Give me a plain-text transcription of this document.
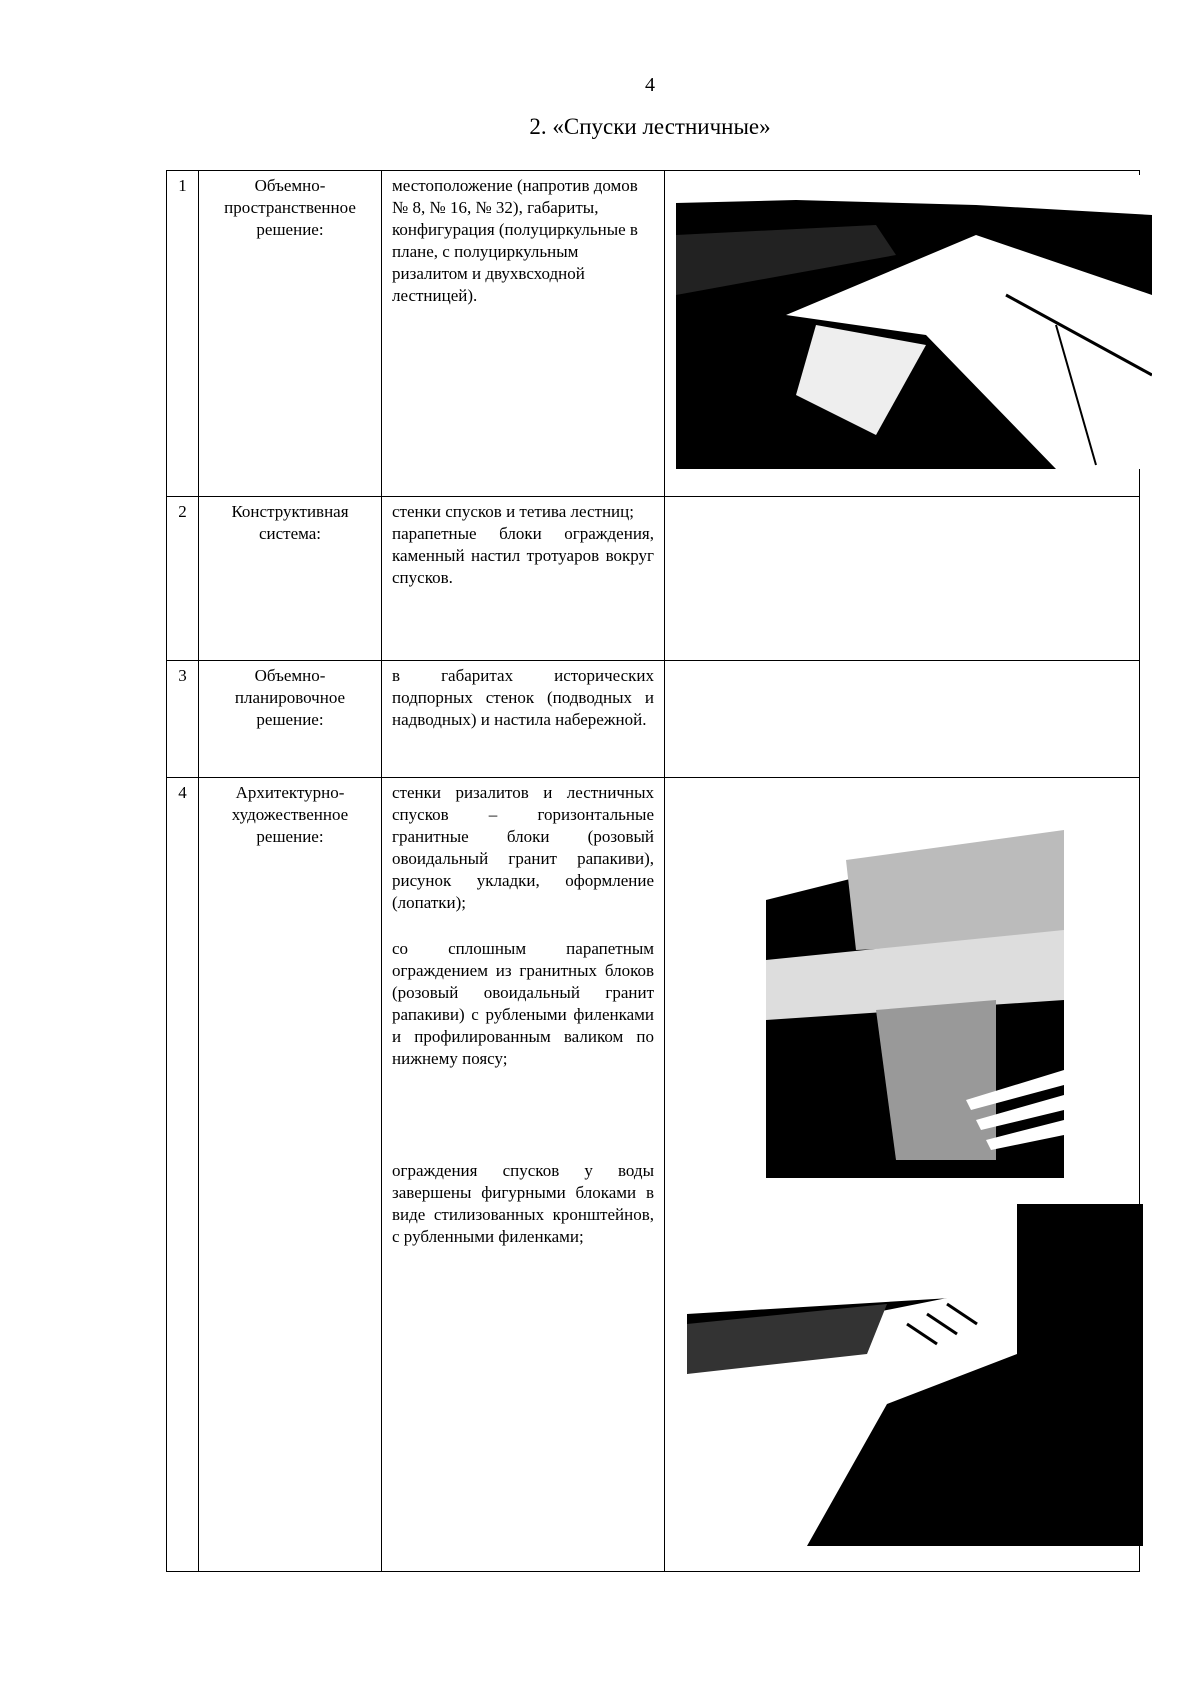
4
2. «Спуски лестничные»
1	Объемно-пространственное решение:	местоположение (напротив домов № 8, № 16, № 32), габариты, конфигурация (полуциркульные в плане, с полуциркульным ризалитом и двухвсходной лестницей).

2	Конструктивная система:	стенки спусков и тетива лестниц;

парапетные блоки ограждения, каменный настил тротуаров вокруг спусков.	

3	Объемно-планировочное решение:	в габаритах исторических подпорных стенок (подводных и надводных) и настила набережной.	

4	Архитектурно-художественное решение:	стенки ризалитов и лестничных спусков – горизонтальные гранитные блоки (розовый овоидальный гранит рапакиви), рисунок укладки, оформление (лопатки);

со сплошным парапетным ограждением из гранитных блоков (розовый овоидальный гранит рапакиви) с рублеными филенками и профилированным валиком по нижнему поясу;

ограждения спусков у воды завершены фигурными блоками в виде стилизованных кронштейнов, с рубленными филенками;
